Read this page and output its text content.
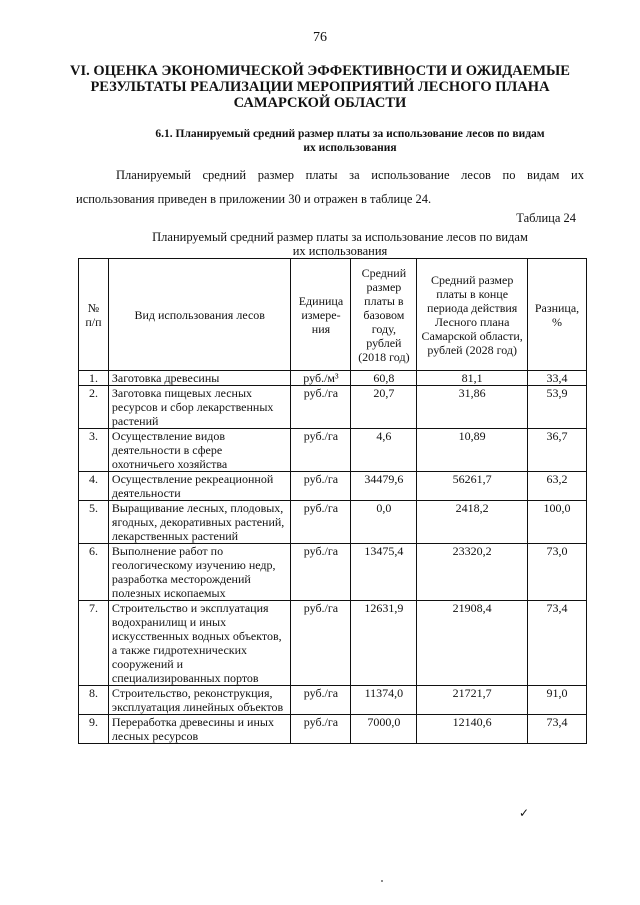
76
VI. ОЦЕНКА ЭКОНОМИЧЕСКОЙ ЭФФЕКТИВНОСТИ И ОЖИДАЕМЫЕ РЕЗУЛЬТАТЫ РЕАЛИЗАЦИИ МЕРОПРИЯТИЙ ЛЕСНОГО ПЛАНА САМАРСКОЙ ОБЛАСТИ
6.1. Планируемый средний размер платы за использование лесов по видам их использования
Планируемый средний размер платы за использование лесов по видам их использования приведен в приложении 30 и отражен в таблице 24.
Таблица 24
Планируемый средний размер платы за использование лесов по видам их использования
№ п/п	Вид использования лесов	Единица измере-ния	Средний размер платы в базовом году, рублей (2018 год)	Средний размер платы в конце периода действия Лесного плана Самарской области, рублей (2028 год)	Разница, %
1.	Заготовка древесины	руб./м³	60,8	81,1	33,4
2.	Заготовка пищевых лесных ресурсов и сбор лекарственных растений	руб./га	20,7	31,86	53,9
3.	Осуществление видов деятельности в сфере охотничьего хозяйства	руб./га	4,6	10,89	36,7
4.	Осуществление рекреационной деятельности	руб./га	34479,6	56261,7	63,2
5.	Выращивание лесных, плодовых, ягодных, декоративных растений, лекарственных растений	руб./га	0,0	2418,2	100,0
6.	Выполнение работ по геологическому изучению недр, разработка месторождений полезных ископаемых	руб./га	13475,4	23320,2	73,0
7.	Строительство и эксплуатация водохранилищ и иных искусственных водных объектов, а также гидротехнических сооружений и специализированных портов	руб./га	12631,9	21908,4	73,4
8.	Строительство, реконструкция, эксплуатация линейных объектов	руб./га	11374,0	21721,7	91,0
9.	Переработка древесины и иных лесных ресурсов	руб./га	7000,0	12140,6	73,4
✓
